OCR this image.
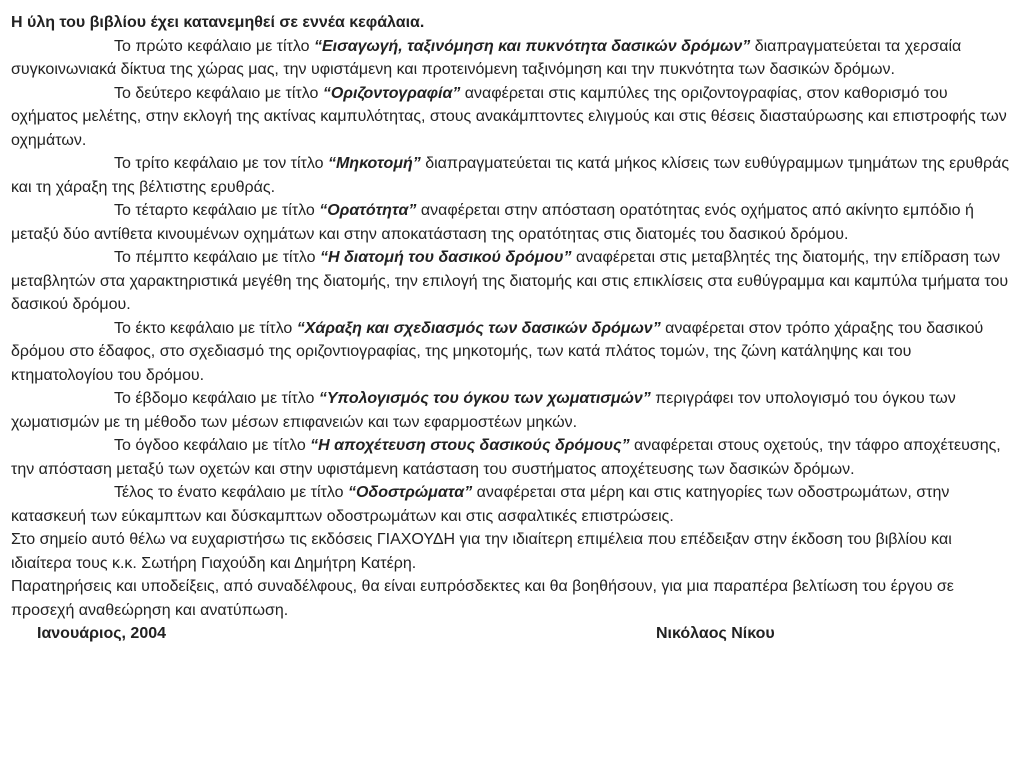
Η ύλη του βιβλίου έχει κατανεμηθεί σε εννέα κεφάλαια.

Το πρώτο κεφάλαιο με τίτλο “Εισαγωγή, ταξινόμηση και πυκνότητα δασικών δρόμων” διαπραγματεύεται τα χερσαία συγκοινωνιακά δίκτυα της χώρας μας, την υφιστάμενη και προτεινόμενη ταξινόμηση και την πυκνότητα των δασικών δρόμων.

Το δεύτερο κεφάλαιο με τίτλο “Οριζοντογραφία” αναφέρεται στις καμπύλες της οριζοντογραφίας, στον καθορισμό του οχήματος μελέτης, στην εκλογή της ακτίνας καμπυλότητας, στους ανακάμπτοντες ελιγμούς και στις θέσεις διασταύρωσης και επιστροφής των οχημάτων.

Το τρίτο κεφάλαιο με τον τίτλο “Μηκοτομή” διαπραγματεύεται τις κατά μήκος κλίσεις των ευθύγραμμων τμημάτων της ερυθράς και τη χάραξη της βέλτιστης ερυθράς.

Το τέταρτο κεφάλαιο με τίτλο “Ορατότητα” αναφέρεται στην απόσταση ορατότητας ενός οχήματος από ακίνητο εμπόδιο ή μεταξύ δύο αντίθετα κινουμένων οχημάτων και στην αποκατάσταση της ορατότητας στις διατομές του δασικού δρόμου.

Το πέμπτο κεφάλαιο με τίτλο “Η διατομή του δασικού δρόμου” αναφέρεται στις μεταβλητές της διατομής, την επίδραση των μεταβλητών στα χαρακτηριστικά μεγέθη της διατομής, την επιλογή της διατομής και στις επικλίσεις στα ευθύγραμμα και καμπύλα τμήματα του δασικού δρόμου.

Το έκτο κεφάλαιο με τίτλο “Χάραξη και σχεδιασμός των δασικών δρόμων” αναφέρεται στον τρόπο χάραξης του δασικού δρόμου στο έδαφος, στο σχεδιασμό της οριζοντιογραφίας, της μηκοτομής, των κατά πλάτος τομών, της ζώνη κατάληψης και του κτηματολογίου του δρόμου.

Το έβδομο κεφάλαιο με τίτλο “Υπολογισμός του όγκου των χωματισμών” περιγράφει τον υπολογισμό του όγκου των χωματισμών με τη μέθοδο των μέσων επιφανειών και των εφαρμοστέων μηκών.

Το όγδοο κεφάλαιο με τίτλο “Η αποχέτευση στους δασικούς δρόμους” αναφέρεται στους οχετούς, την τάφρο αποχέτευσης, την απόσταση μεταξύ των οχετών και στην υφιστάμενη κατάσταση του συστήματος αποχέτευσης των δασικών δρόμων.

Τέλος το ένατο κεφάλαιο με τίτλο “Οδοστρώματα” αναφέρεται στα μέρη και στις κατηγορίες των οδοστρωμάτων, στην κατασκευή των εύκαμπτων και δύσκαμπτων οδοστρωμάτων και στις ασφαλτικές επιστρώσεις.

Στο σημείο αυτό θέλω να ευχαριστήσω τις εκδόσεις ΓΙΑΧΟΥΔΗ για την ιδιαίτερη επιμέλεια που επέδειξαν στην έκδοση του βιβλίου και ιδιαίτερα τους κ.κ. Σωτήρη Γιαχούδη και Δημήτρη Κατέρη.

Παρατηρήσεις και υποδείξεις, από συναδέλφους, θα είναι ευπρόσδεκτες και θα βοηθήσουν, για μια παραπέρα βελτίωση του έργου σε προσεχή αναθεώρηση και ανατύπωση.

Ιανουάριος, 2004	Νικόλαος Νίκου
